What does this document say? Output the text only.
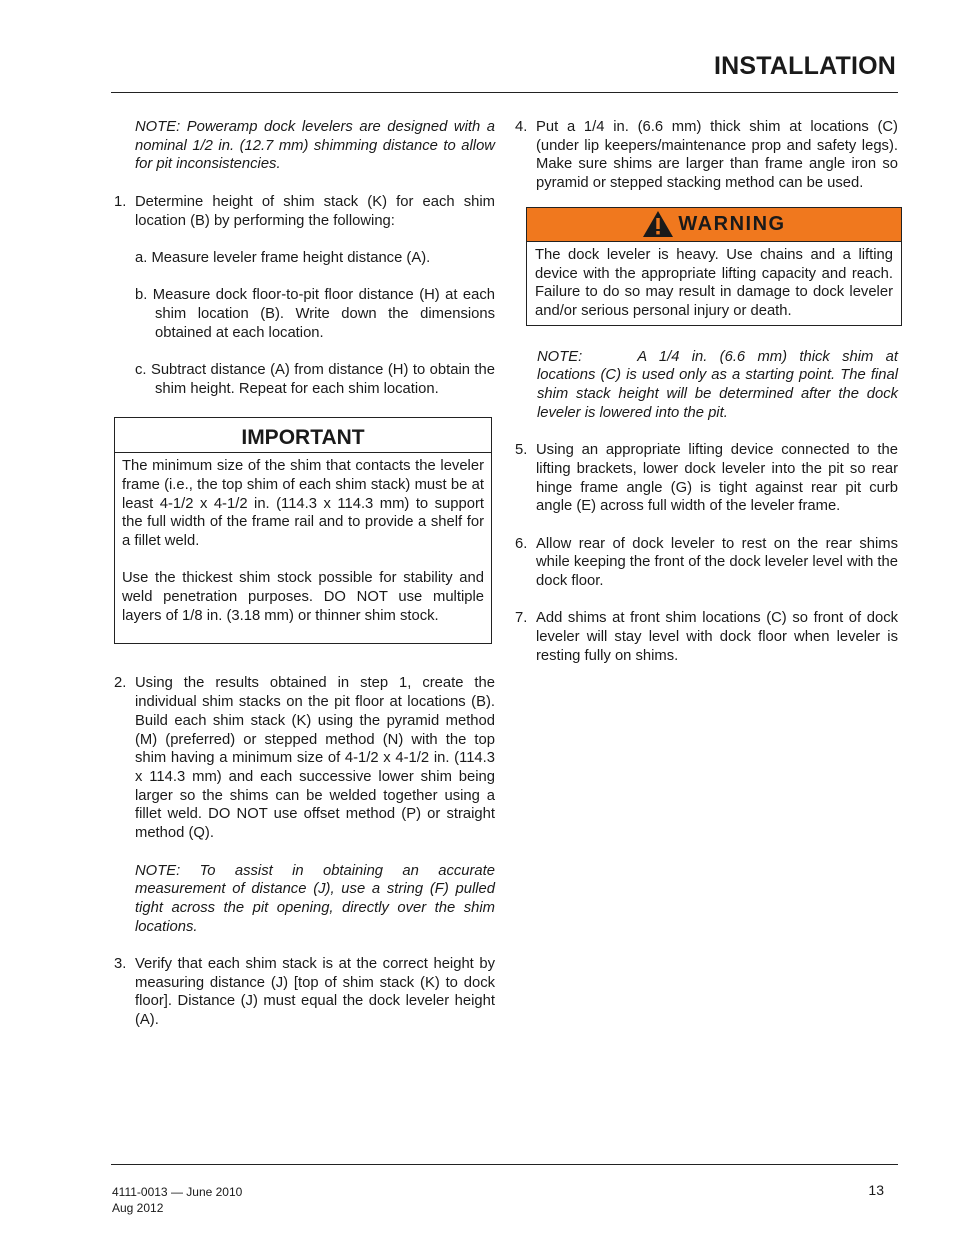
INSTALLATION

NOTE: Poweramp dock levelers are designed with a nominal 1/2 in. (12.7 mm) shimming distance to allow for pit inconsistencies.

1. Determine height of shim stack (K) for each shim location (B) by performing the following:
a. Measure leveler frame height distance (A).
b. Measure dock floor-to-pit floor distance (H) at each shim location (B). Write down the dimensions obtained at each location.
c. Subtract distance (A) from distance (H) to obtain the shim height. Repeat for each shim location.
IMPORTANT

The minimum size of the shim that contacts the leveler frame (i.e., the top shim of each shim stack) must be at least 4-1/2 x 4-1/2 in. (114.3 x 114.3 mm) to support the full width of the frame rail and to provide a shelf for a fillet weld.

Use the thickest shim stock possible for stability and weld penetration purposes. DO NOT use multiple layers of 1/8 in. (3.18 mm) or thinner shim stock.

2. Using the results obtained in step 1, create the individual shim stacks on the pit floor at locations (B). Build each shim stack (K) using the pyramid method (M) (preferred) or stepped method (N) with the top shim having a minimum size of 4-1/2 x 4-1/2 in. (114.3 x 114.3 mm) and each successive lower shim being larger so the shims can be welded together using a fillet weld. DO NOT use offset method (P) or straight method (Q).

NOTE: To assist in obtaining an accurate measurement of distance (J), use a string (F) pulled tight across the pit opening, directly over the shim locations.

3. Verify that each shim stack is at the correct height by measuring distance (J) [top of shim stack (K) to dock floor]. Distance (J) must equal the dock leveler height (A).
4. Put a 1/4 in. (6.6 mm) thick shim at locations (C) (under lip keepers/maintenance prop and safety legs). Make sure shims are larger than frame angle iron so pyramid or stepped stacking method can be used.
WARNING

The dock leveler is heavy. Use chains and a lifting device with the appropriate lifting capacity and reach. Failure to do so may result in damage to dock leveler and/or serious personal injury or death.

NOTE:	A 1/4 in. (6.6 mm) thick shim at locations (C) is used only as a starting point. The final shim stack height will be determined after the dock leveler is lowered into the pit.

5. Using an appropriate lifting device connected to the lifting brackets, lower dock leveler into the pit so rear hinge frame angle (G) is tight against rear pit curb angle (E) across full width of the leveler frame.
6. Allow rear of dock leveler to rest on the rear shims while keeping the front of the dock leveler level with the dock floor.
7. Add shims at front shim locations (C) so front of dock leveler will stay level with dock floor when leveler is resting fully on shims.
4111-0013 — June 2010
Aug 2012
13
